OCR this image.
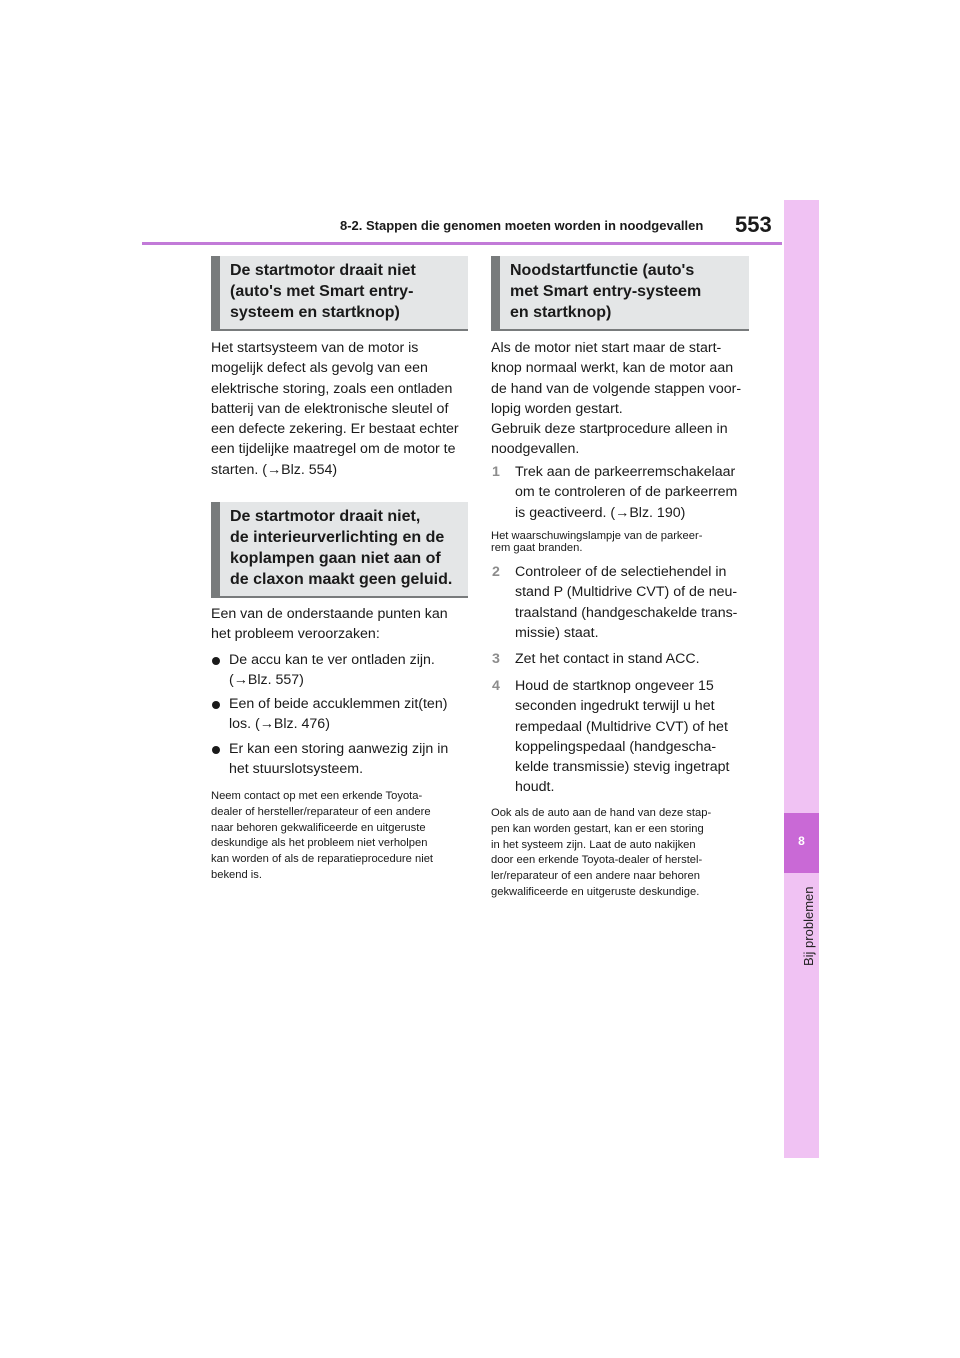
8-2. Stappen die genomen moeten worden in noodgevallen 553
8
Bij problemen
De startmotor draait niet
(auto's met Smart entry-
systeem en startknop)
Het startsysteem van de motor is
mogelijk defect als gevolg van een
elektrische storing, zoals een ontladen
batterij van de elektronische sleutel of
een defecte zekering. Er bestaat echter
een tijdelijke maatregel om de motor te
starten. (→Blz. 554)
De startmotor draait niet,
de interieurverlichting en de
koplampen gaan niet aan of
de claxon maakt geen geluid.
Een van de onderstaande punten kan
het probleem veroorzaken:
De accu kan te ver ontladen zijn.
(→Blz. 557)
Een of beide accuklemmen zit(ten)
los. (→Blz. 476)
Er kan een storing aanwezig zijn in
het stuurslotsysteem.
Neem contact op met een erkende Toyota-
dealer of hersteller/reparateur of een andere
naar behoren gekwalificeerde en uitgeruste
deskundige als het probleem niet verholpen
kan worden of als de reparatieprocedure niet
bekend is.
Noodstartfunctie (auto's
met Smart entry-systeem
en startknop)
Als de motor niet start maar de start-
knop normaal werkt, kan de motor aan
de hand van de volgende stappen voor-
lopig worden gestart.
Gebruik deze startprocedure alleen in
noodgevallen.
1 Trek aan de parkeerremschakelaar
om te controleren of de parkeerrem
is geactiveerd. (→Blz. 190)
Het waarschuwingslampje van de parkeer-
rem gaat branden.
2 Controleer of de selectiehendel in
stand P (Multidrive CVT) of de neu-
traalstand (handgeschakelde trans-
missie) staat.
3 Zet het contact in stand ACC.
4 Houd de startknop ongeveer 15
seconden ingedrukt terwijl u het
rempedaal (Multidrive CVT) of het
koppelingspedaal (handgescha-
kelde transmissie) stevig ingetrapt
houdt.
Ook als de auto aan de hand van deze stap-
pen kan worden gestart, kan er een storing
in het systeem zijn. Laat de auto nakijken
door een erkende Toyota-dealer of herstel-
ler/reparateur of een andere naar behoren
gekwalificeerde en uitgeruste deskundige.
